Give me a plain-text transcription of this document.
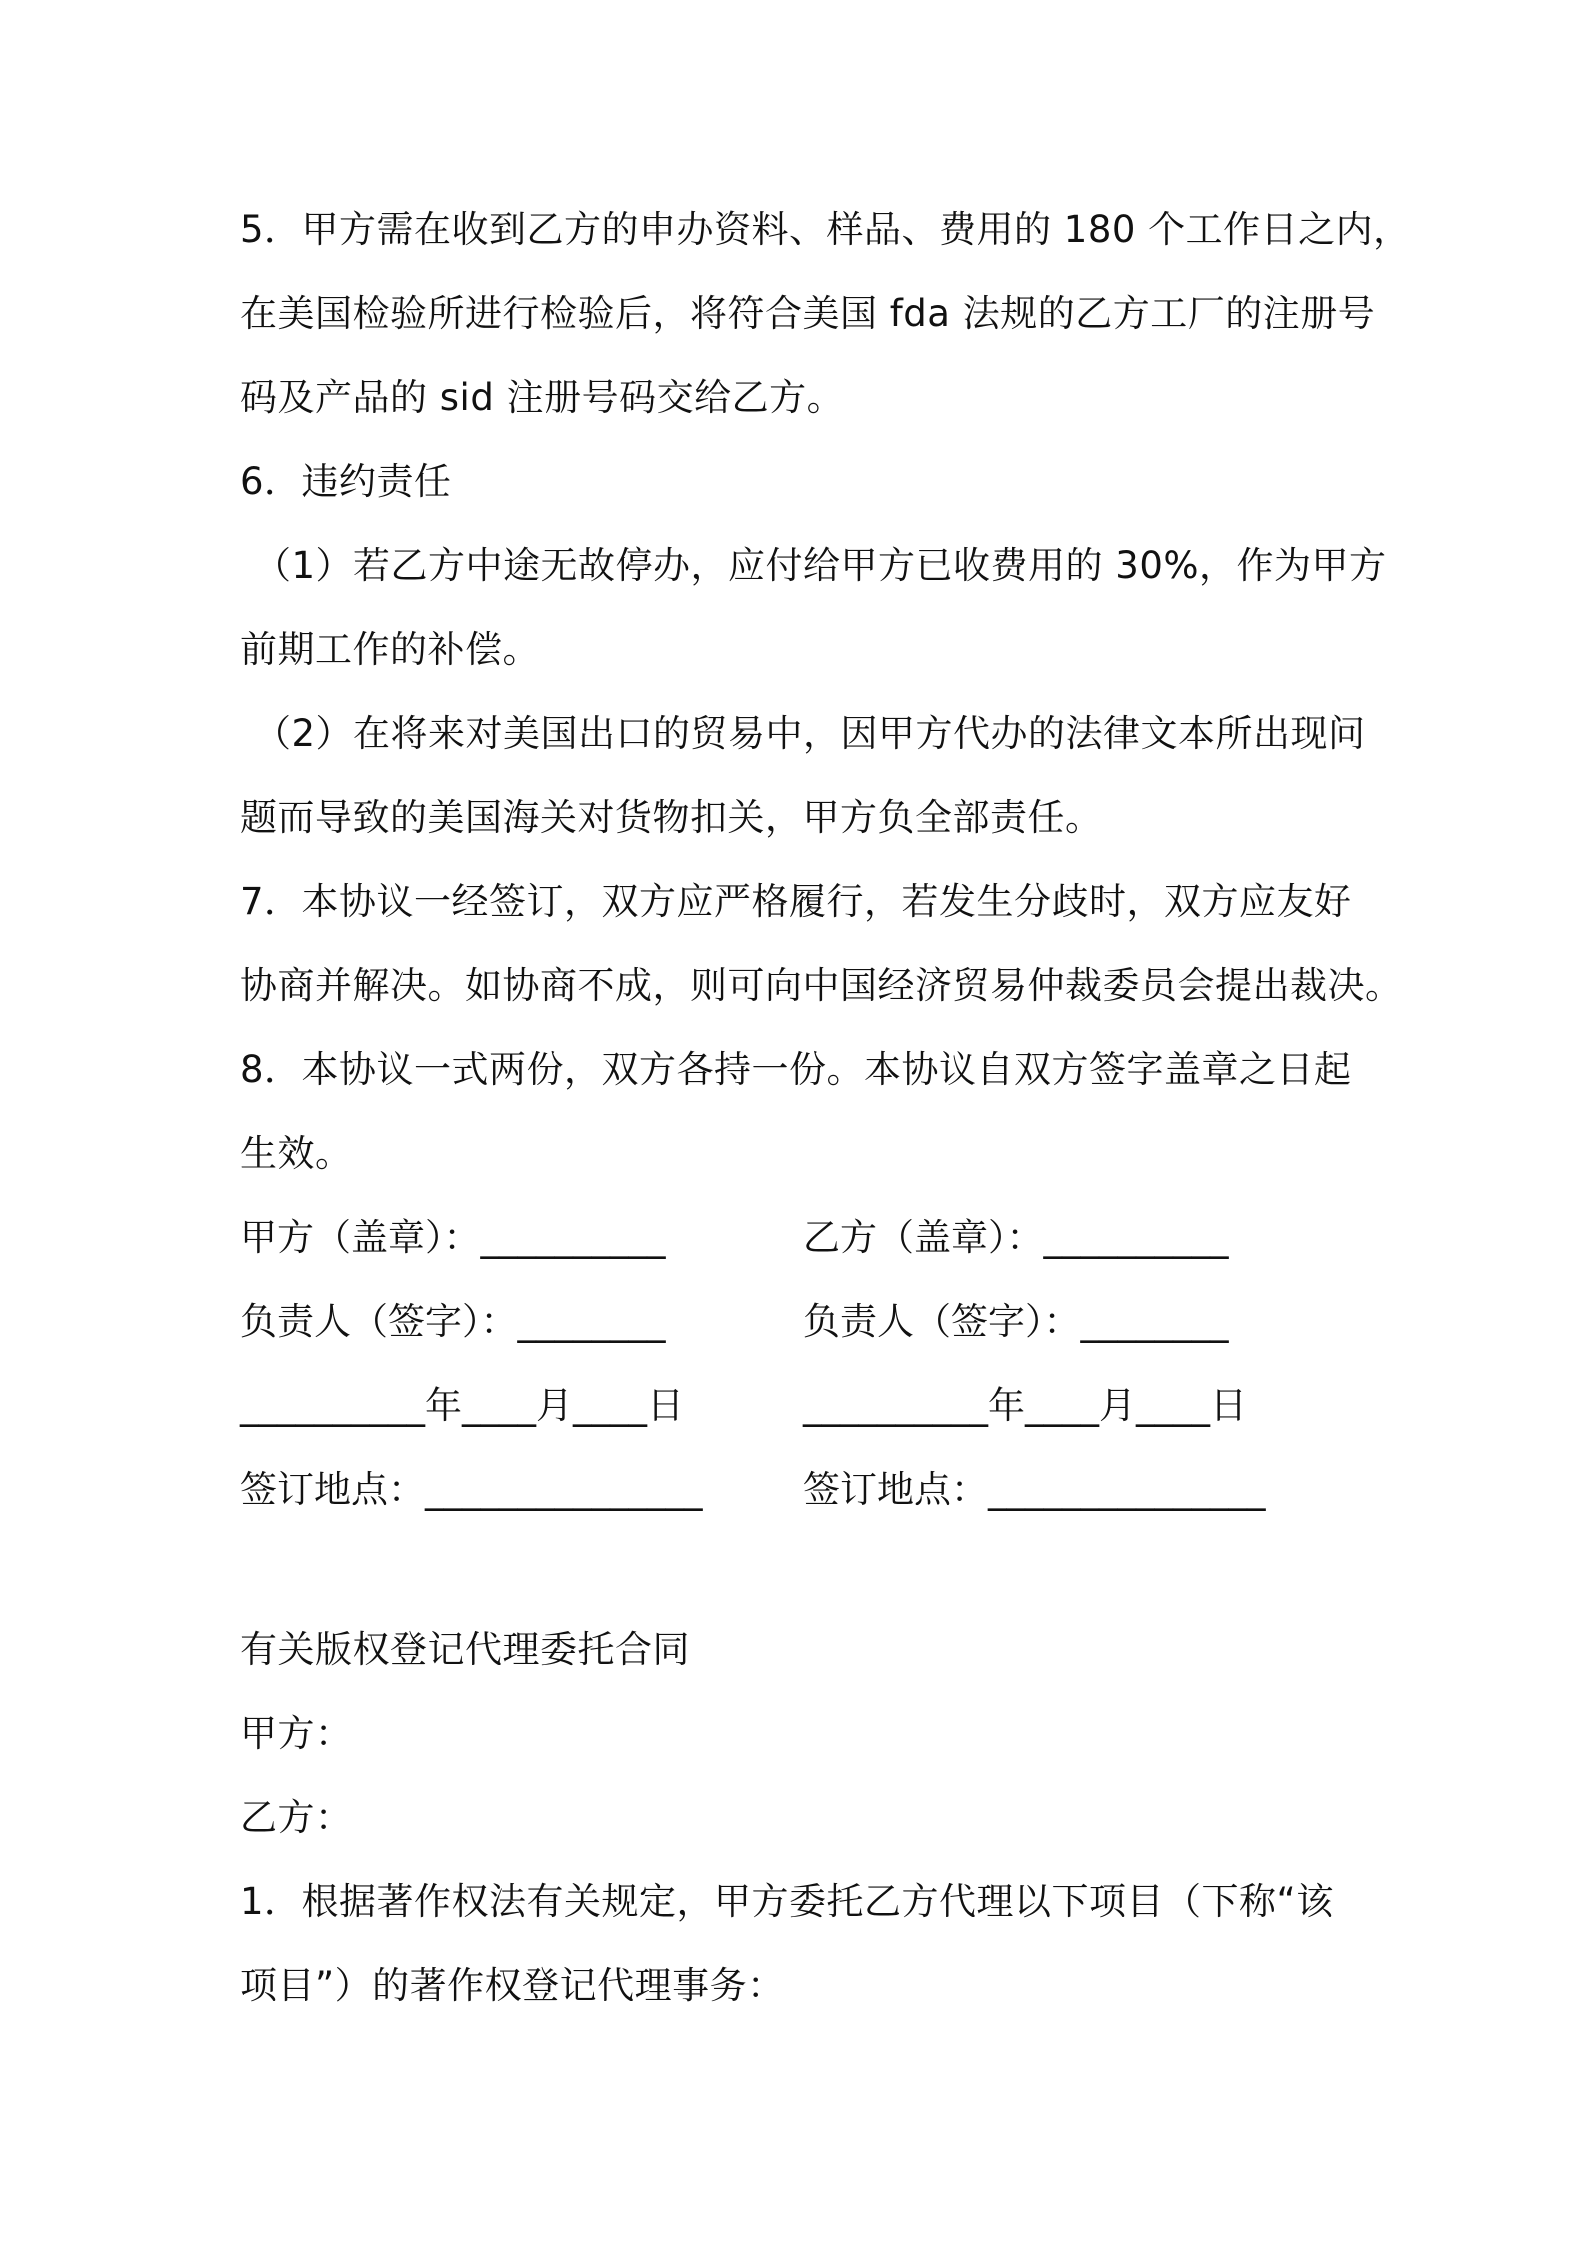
5．甲方需在收到乙方的申办资料、样品、费用的 180 个工作日之内，
在美国检验所进行检验后，将符合美国 fda 法规的乙方工厂的注册号
码及产品的 sid 注册号码交给乙方。
6．违约责任
（1）若乙方中途无故停办，应付给甲方已收费用的 30%，作为甲方
前期工作的补偿。
（2）在将来对美国出口的贸易中，因甲方代办的法律文本所出现问
题而导致的美国海关对货物扣关，甲方负全部责任。
7．本协议一经签订，双方应严格履行，若发生分歧时，双方应友好
协商并解决。如协商不成，则可向中国经济贸易仲裁委员会提出裁决。
8．本协议一式两份，双方各持一份。本协议自双方签字盖章之日起
生效。
甲方（盖章）：__________	乙方（盖章）：__________
负责人（签字）：________	负责人（签字）：________
__________年____月____日	__________年____月____日
签订地点：_______________	签订地点：_______________
有关版权登记代理委托合同
甲方：
乙方：
1．根据著作权法有关规定，甲方委托乙方代理以下项目（下称“该
项目”）的著作权登记代理事务：
